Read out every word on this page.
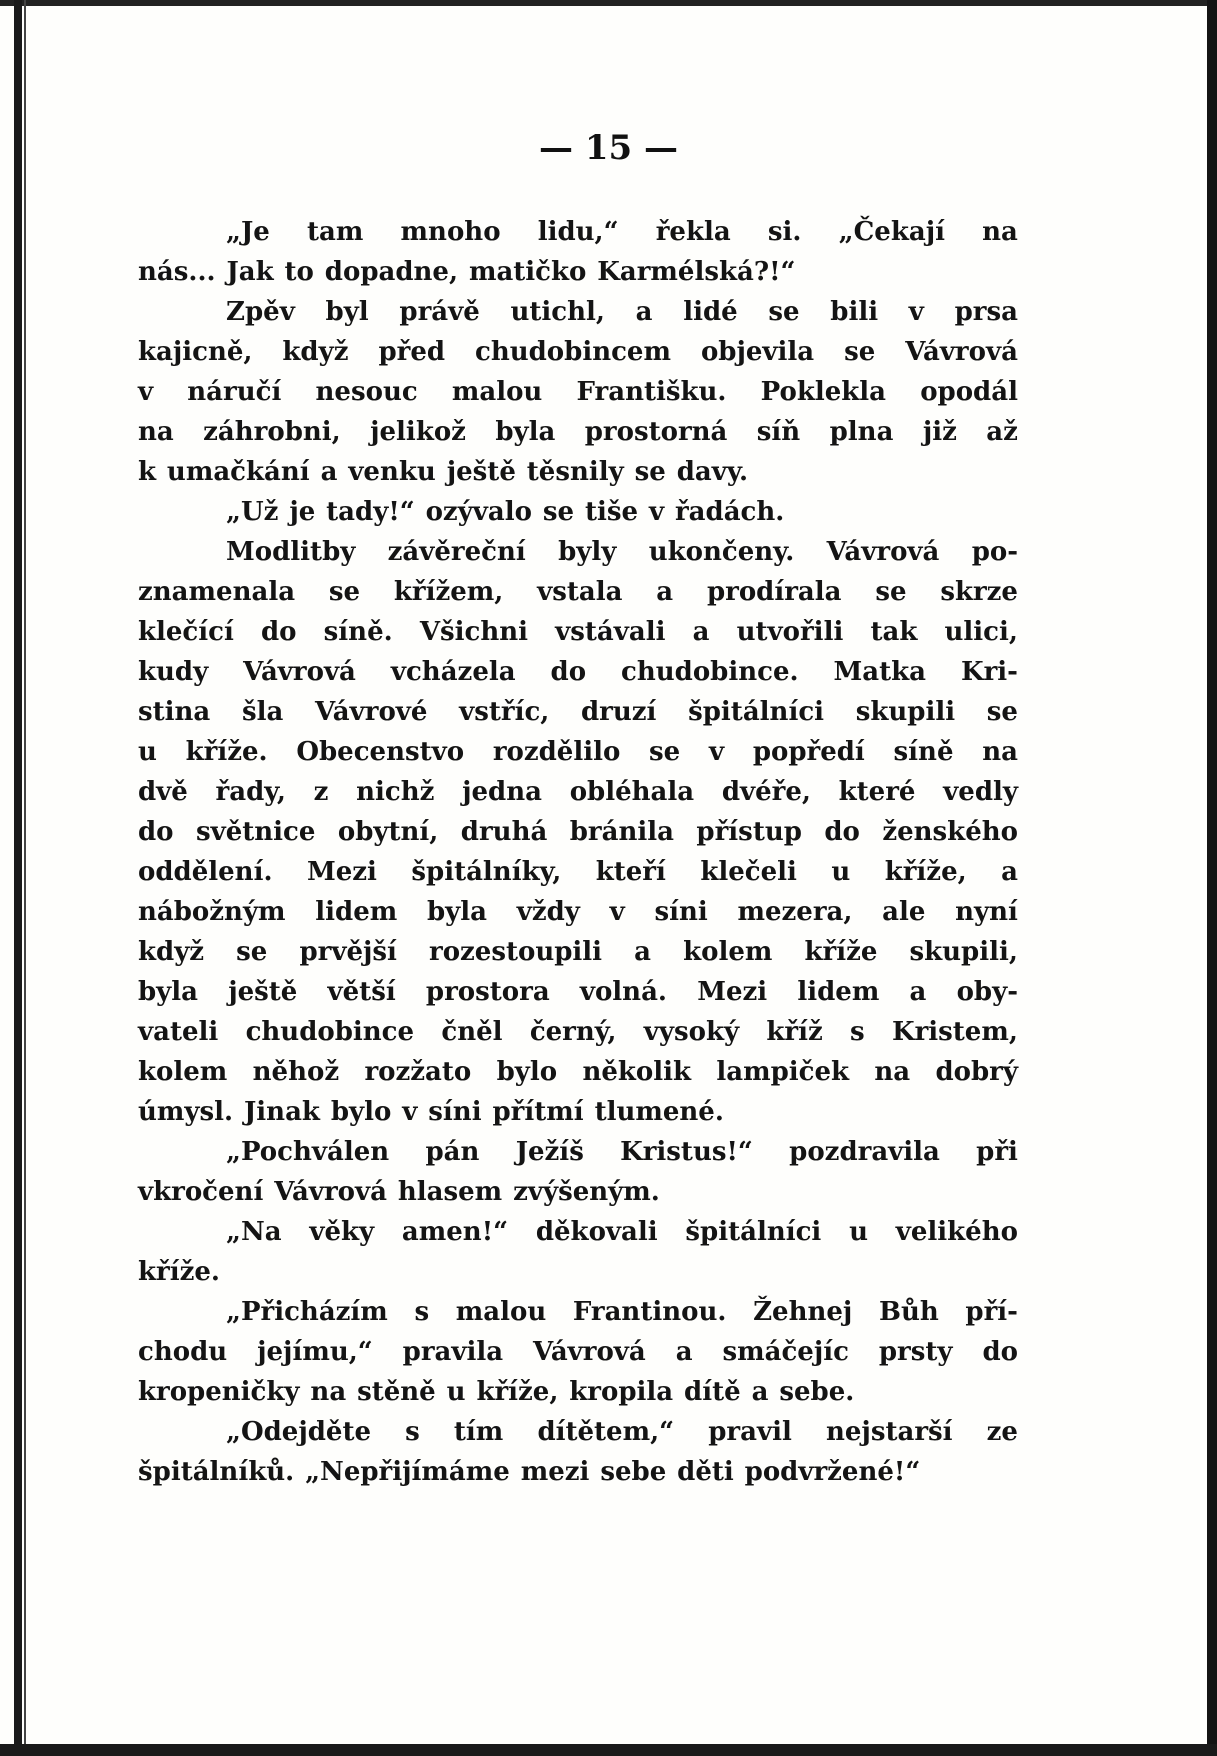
— 15 —
„Je tam mnoho lidu,“ řekla si. „Čekají na
nás... Jak to dopadne, matičko Karmélská?!“
Zpěv byl právě utichl, a lidé se bili v prsa
kajicně, když před chudobincem objevila se Vávrová
v náručí nesouc malou Františku. Poklekla opodál
na záhrobni, jelikož byla prostorná síň plna již až
k umačkání a venku ještě těsnily se davy.
„Už je tady!“ ozývalo se tiše v řadách.
Modlitby závěreční byly ukončeny. Vávrová po-
znamenala se křížem, vstala a prodírala se skrze
klečící do síně. Všichni vstávali a utvořili tak ulici,
kudy Vávrová vcházela do chudobince. Matka Kri-
stina šla Vávrové vstříc, druzí špitálníci skupili se
u kříže. Obecenstvo rozdělilo se v popředí síně na
dvě řady, z nichž jedna obléhala dvéře, které vedly
do světnice obytní, druhá bránila přístup do ženského
oddělení. Mezi špitálníky, kteří klečeli u kříže, a
nábožným lidem byla vždy v síni mezera, ale nyní
když se prvější rozestoupili a kolem kříže skupili,
byla ještě větší prostora volná. Mezi lidem a oby-
vateli chudobince čněl černý, vysoký kříž s Kristem,
kolem něhož rozžato bylo několik lampiček na dobrý
úmysl. Jinak bylo v síni přítmí tlumené.
„Pochválen pán Ježíš Kristus!“ pozdravila při
vkročení Vávrová hlasem zvýšeným.
„Na věky amen!“ děkovali špitálníci u velikého
kříže.
„Přicházím s malou Frantinou. Žehnej Bůh pří-
chodu jejímu,“ pravila Vávrová a smáčejíc prsty do
kropeničky na stěně u kříže, kropila dítě a sebe.
„Odejděte s tím dítětem,“ pravil nejstarší ze
špitálníků. „Nepřijímáme mezi sebe děti podvržené!“
